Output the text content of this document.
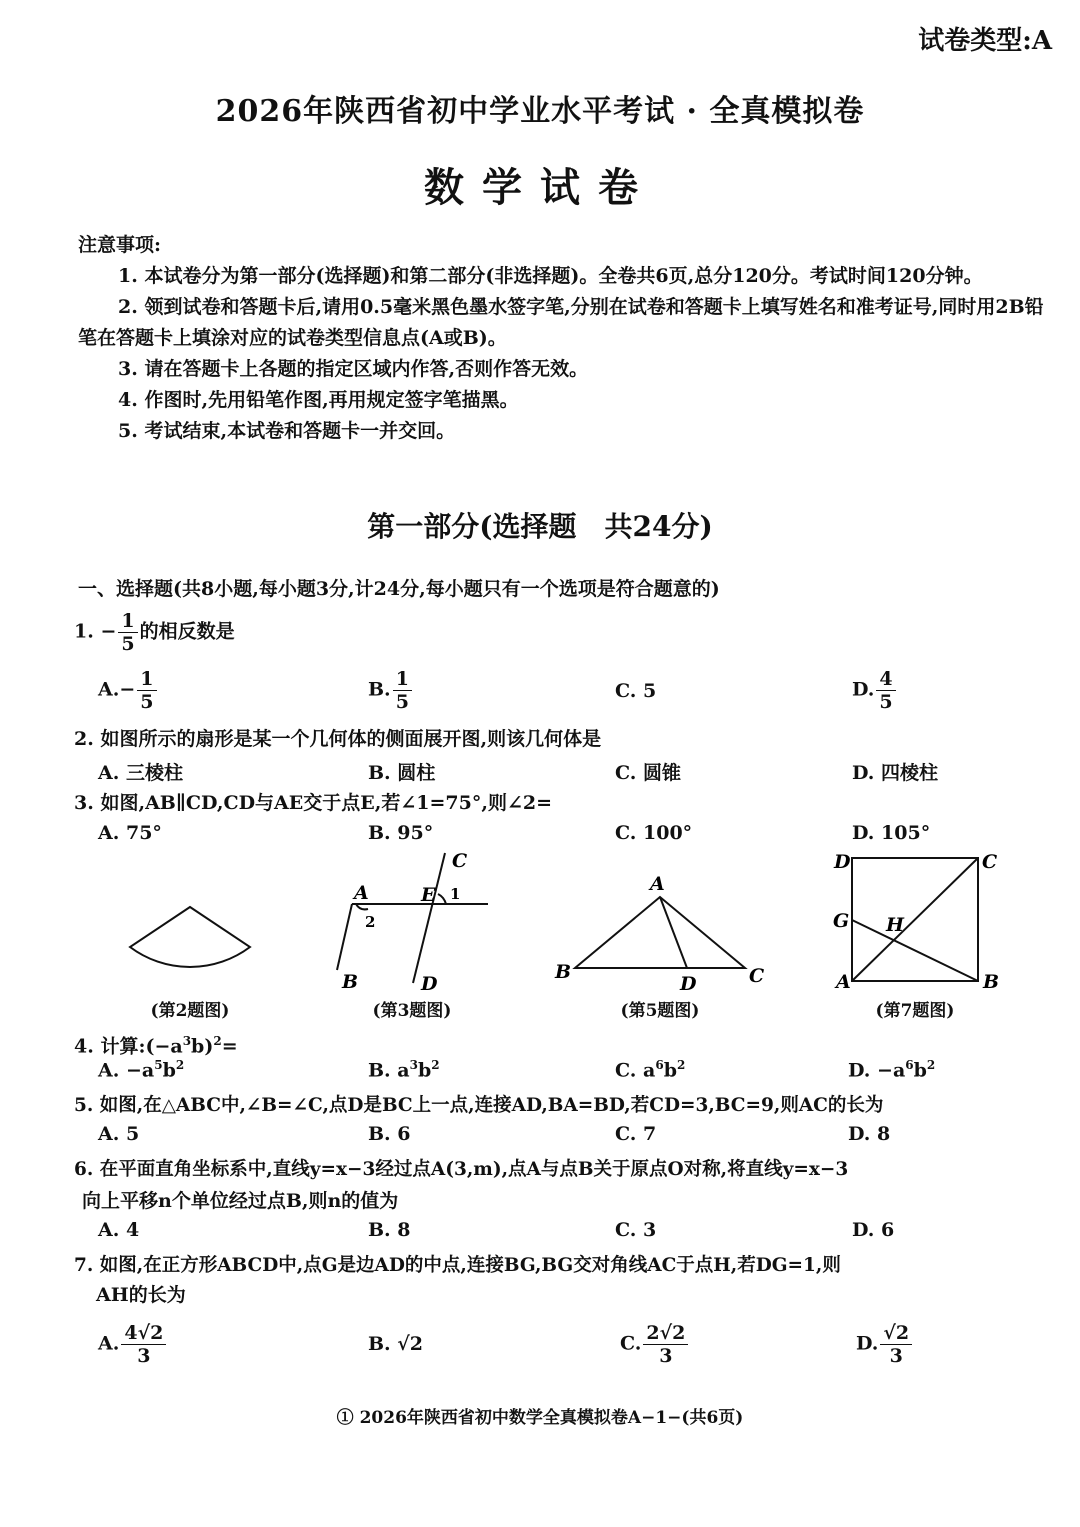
试卷类型:A
2026年陕西省初中学业水平考试 · 全真模拟卷
数学试卷
注意事项:
1. 本试卷分为第一部分(选择题)和第二部分(非选择题)。全卷共6页,总分120分。考试时间120分钟。
2. 领到试卷和答题卡后,请用0.5毫米黑色墨水签字笔,分别在试卷和答题卡上填写姓名和准考证号,同时用2B铅笔在答题卡上填涂对应的试卷类型信息点(A或B)。
3. 请在答题卡上各题的指定区域内作答,否则作答无效。
4. 作图时,先用铅笔作图,再用规定签字笔描黑。
5. 考试结束,本试卷和答题卡一并交回。
第一部分(选择题　共24分)
一、选择题(共8小题,每小题3分,计24分,每小题只有一个选项是符合题意的)
1. − $\frac{1}{5}$ 的相反数是
$A.- \frac{1}{5}$	B. $\frac{1}{5}$	C. 5	D. $\frac{4}{5}$
2. 如图所示的扇形是某一个几何体的侧面展开图,则该几何体是
A. 三棱柱	B. 圆柱	C. 圆锥	D. 四棱柱
3. 如图,AB∥CD,CD与AE交于点E,若∠1=75°,则∠2=
A. 75°	B. 95°	C. 100°	D. 105°
A	E
C
1
2
B	D
A
B	C
D
D	C
G H
A	B
(第2题图)	(第3题图)	(第5题图)	(第7题图)
4. 计算$:(-a^3b)^2=$
A. $-a^5b^2$	B. $a^3b^2$	C. $a^6b^2$	D. $-a^6b^2$
5. 如图,在△ABC中,∠B=∠C,点D是BC上一点,连接AD,BA=BD,若CD=3,BC=9,则AC的长为
A. 5	B. 6	C. 7	D. 8
6. 在平面直角坐标系中,直线y=x−3经过点A(3,m),点A与点B关于原点O对称,将直线y=x−3
向上平移n个单位经过点B,则n的值为
A. 4	B. 8	C. 3	D. 6
7. 如图,在正方形ABCD中,点G是边AD的中点,连接BG,BG交对角线AC于点H,若DG=1,则
AH的长为
A. $\frac{4√2}{3}$	B. √2	C. $\frac{2√2}{3}$	D. $\frac{√2}{3}$
① 2026年陕西省初中数学全真模拟卷A−1−(共6页)
